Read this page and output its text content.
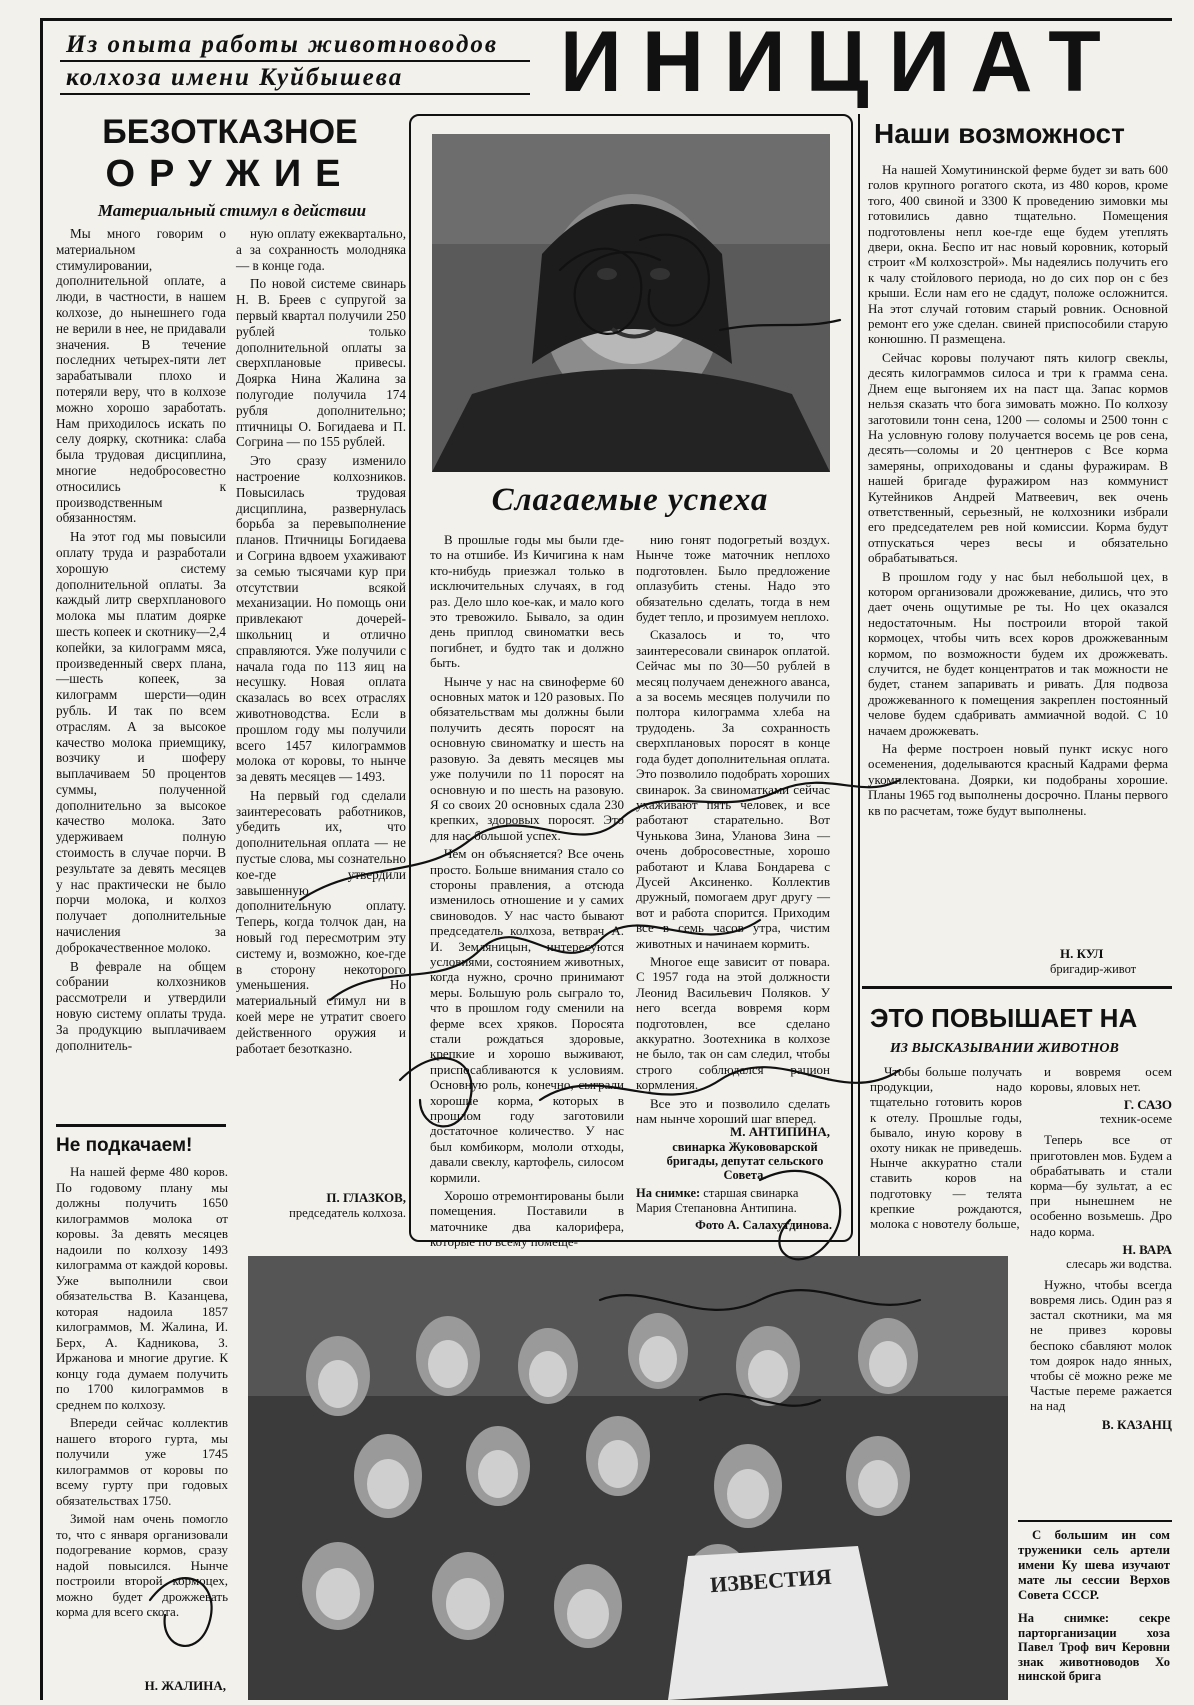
Из опыта работы животноводов
колхоза имени Куйбышева	ИНИЦИАТ
БЕЗОТКАЗНОЕ
ОРУЖИЕ
Материальный стимул в действии

Мы много говорим о материальном стимулировании, дополнительной оплате, а люди, в частности, в нашем колхозе, до нынешнего года не верили в нее, не придавали значения. В течение последних четырех-пяти лет зарабатывали плохо и потеряли веру, что в колхозе можно хорошо заработать. Нам приходилось искать по селу доярку, скотника: слаба была трудовая дисциплина, многие недобросовестно относились к производственным обязанностям.

На этот год мы повысили оплату труда и разработали хорошую систему дополнительной оплаты. За каждый литр сверхпланового молока мы платим доярке шесть копеек и скотнику—2,4 копейки, за килограмм мяса, произведенный сверх плана,—шесть копеек, за килограмм шерсти—один рубль. И так по всем отраслям. А за высокое качество молока приемщику, возчику и шоферу выплачиваем 50 процентов суммы, полученной дополнительно за высокое качество молока. Зато удерживаем полную стоимость в случае порчи. В результате за девять месяцев у нас практически не было порчи молока, и колхоз получает дополнительные начисления за доброкачественное молоко.

В феврале на общем собрании колхозников рассмотрели и утвердили новую систему оплаты труда. За продукцию выплачиваем дополнитель-

ную оплату ежеквартально, а за сохранность молодняка — в конце года.

По новой системе свинарь Н. В. Бреев с супругой за первый квартал получили 250 рублей только дополнительной оплаты за сверхплановые привесы. Доярка Нина Жалина за полугодие получила 174 рубля дополнительно; птичницы О. Богидаева и П. Согрина — по 155 рублей.

Это сразу изменило настроение колхозников. Повысилась трудовая дисциплина, развернулась борьба за перевыполнение планов. Птичницы Богидаева и Согрина вдвоем ухаживают за семью тысячами кур при отсутствии всякой механизации. Но помощь они привлекают дочерей-школьниц и отлично справляются. Уже получили с начала года по 113 яиц на несушку. Новая оплата сказалась во всех отраслях животноводства. Если в прошлом году мы получили всего 1457 килограммов молока от коровы, то нынче за девять месяцев — 1493.

На первый год сделали заинтересовать работников, убедить их, что дополнительная оплата — не пустые слова, мы сознательно кое-где утвердили завышенную дополнительную оплату. Теперь, когда толчок дан, на новый год пересмотрим эту систему и, возможно, кое-где в сторону некоторого уменьшения. Но материальный стимул ни в коей мере не утратит своего действенного оружия и работает безотказно.

П. ГЛАЗКОВ,
председатель колхоза.
Не подкачаем!

На нашей ферме 480 коров. По годовому плану мы должны получить 1650 килограммов молока от коровы. За девять месяцев надоили по колхозу 1493 килограмма от каждой коровы. Уже выполнили свои обязательства В. Казанцева, которая надоила 1857 килограммов, М. Жалина, И. Берх, А. Кадникова, З. Иржанова и многие другие. К концу года думаем получить по 1700 килограммов в среднем по колхозу.

Впереди сейчас коллектив нашего второго гурта, мы получили уже 1745 килограммов от коровы по всему гурту при годовых обязательствах 1750.

Зимой нам очень помогло то, что с января организовали подогревание кормов, сразу надой повысился. Нынче построили второй кормоцех, можно будет дрожжевать корма для всего скота.

Н. ЖАЛИНА,
Слагаемые успеха

В прошлые годы мы были где-то на отшибе. Из Кичигина к нам кто-нибудь приезжал только в исключительных случаях, в год раз. Дело шло кое-как, и мало кого это тревожило. Бывало, за один день приплод свиноматки весь погибнет, и будто так и должно быть.

Нынче у нас на свиноферме 60 основных маток и 120 разовых. По обязательствам мы должны были получить десять поросят на основную свиноматку и шесть на разовую. За девять месяцев мы уже получили по 11 поросят на основную и по шесть на разовую. Я со своих 20 основных сдала 230 крепких, здоровых поросят. Это для нас большой успех.

Чем он объясняется? Все очень просто. Больше внимания стало со стороны правления, а отсюда изменилось отношение и у самих свиноводов. У нас часто бывают председатель колхоза, ветврач А. И. Земляницын, интересуются условиями, состоянием животных, когда нужно, срочно принимают меры. Большую роль сыграло то, что в прошлом году сменили на ферме всех хряков. Поросята стали рождаться здоровые, крепкие и хорошо выживают, приспосабливаются к условиям. Основную роль, конечно, сыграли хорошие корма, которых в прошлом году заготовили достаточное количество. У нас был комбикорм, мололи отходы, давали свеклу, картофель, силосом кормили.

Хорошо отремонтированы были помещения. Поставили в маточнике два калорифера, которые по всему помеще-

нию гонят подогретый воздух. Нынче тоже маточник неплохо подготовлен. Было предложение оплазубить стены. Надо это обязательно сделать, тогда в нем будет тепло, и прозимуем неплохо.

Сказалось и то, что заинтересовали свинарок оплатой. Сейчас мы по 30—50 рублей в месяц получаем денежного аванса, а за восемь месяцев получили по полтора килограмма хлеба на трудодень. За сохранность сверхплановых поросят в конце года будет дополнительная оплата. Это позволило подобрать хороших свинарок. За свиноматками сейчас ухаживают пять человек, и все работают старательно. Вот Чунькова Зина, Уланова Зина — очень добросовестные, хорошо работают и Клава Бондарева с Дусей Аксиненко. Коллектив дружный, помогаем друг другу — вот и работа спорится. Приходим все в семь часов утра, чистим животных и начинаем кормить.

Многое еще зависит от повара. С 1957 года на этой должности Леонид Васильевич Поляков. У него всегда вовремя корм подготовлен, все сделано аккуратно. Зоотехника в колхозе не было, так он сам следил, чтобы строго соблюдался рацион кормления.

Все это и позволило сделать нам нынче хороший шаг вперед.

М. АНТИПИНА,
свинарка Жукововарской бригады, депутат сельского Совета.
На снимке: старшая свинарка Мария Степановна Антипина.
Фото А. Салахутдинова.
ИЗВЕСТИЯ
Наши возможност

На нашей Хомутининской ферме будет зи вать 600 голов крупного рогатого скота, из 480 коров, кроме того, 400 свиной и 3300 К проведению зимовки мы готовились давно тщательно. Помещения подготовлены непл кое-где еще будем утеплять двери, окна. Беспо ит нас новый коровник, который строит «М колхозстрой». Мы надеялись получить его к чалу стойлового периода, но до сих пор он с без крыши. Если нам его не сдадут, положе осложнится. На этот случай готовим старый ровник. Основной ремонт его уже сделан. свиней приспособили старую конюшню. П размещена.

Сейчас коровы получают пять килогр свеклы, десять килограммов силоса и три к грамма сена. Днем еще выгоняем их на паст ща. Запас кормов нельзя сказать что бога зимовать можно. По колхозу заготовили тонн сена, 1200 — соломы и 2500 тонн с На условную голову получается восемь це ров сена, десять—соломы и 20 центнеров с Все корма замеряны, оприходованы и сданы фуражирам. В нашей бригаде фуражиром наз коммунист Кутейников Андрей Матвеевич, век очень ответственный, серьезный, не колхозники избрали его председателем рев ной комиссии. Корма будут отпускаться через весы и обязательно обрабатываться.

В прошлом году у нас был небольшой цех, в котором организовали дрожжевание, дились, что это дает очень ощутимые ре ты. Но цех оказался недостаточным. Ны построили второй такой кормоцех, чтобы чить всех коров дрожжеванным кормом, по возможности будем их дрожжевать. случится, не будет концентратов и так можности не будет, станем запаривать и ривать. Для подвоза дрожжеванного к помещения закреплен постоянный челове будем сдабривать аммиачной водой. С 10 начаем дрожжевать.

На ферме построен новый пункт искус ного осеменения, доделываются красный Кадрами ферма укомплектована. Доярки, ки подобраны хорошие. Планы 1965 год выполнены досрочно. Планы первого кв по расчетам, тоже будут выполнены.

Н. КУЛ
бригадир-живот
ЭТО ПОВЫШАЕТ НА
ИЗ ВЫСКАЗЫВАНИИ ЖИВОТНОВ

Чтобы больше получать продукции, надо тщательно готовить коров к отелу. Прошлые годы, бывало, иную корову в охоту никак не приведешь. Нынче аккуратно стали ставить коров на подготовку — телята крепкие рождаются, молока с новотелу больше,

и вовремя осем коровы, яловых нет.

Г. САЗО
техник-осеме

Теперь все от приготовлен мов. Будем а обрабатывать и стали корма—бу зультат, а ес при нынешнем не особенно возьмешь. Дро надо корма.

Н. ВАРА
слесарь жи водства.

Нужно, чтобы всегда вовремя лись. Один раз я застал скотники, ма мя не привез коровы беспоко сбавляют молок том доярок надо янных, чтобы сё можно реже ме Частые переме ражается на над

В. КАЗАНЦ

С большим ин сом труженики сель артели имени Ку шева изучают мате лы сессии Верхов Совета СССР.

На снимке: секре парторганизации хоза Павел Троф вич Керовни знак животноводов Хо нинской брига
